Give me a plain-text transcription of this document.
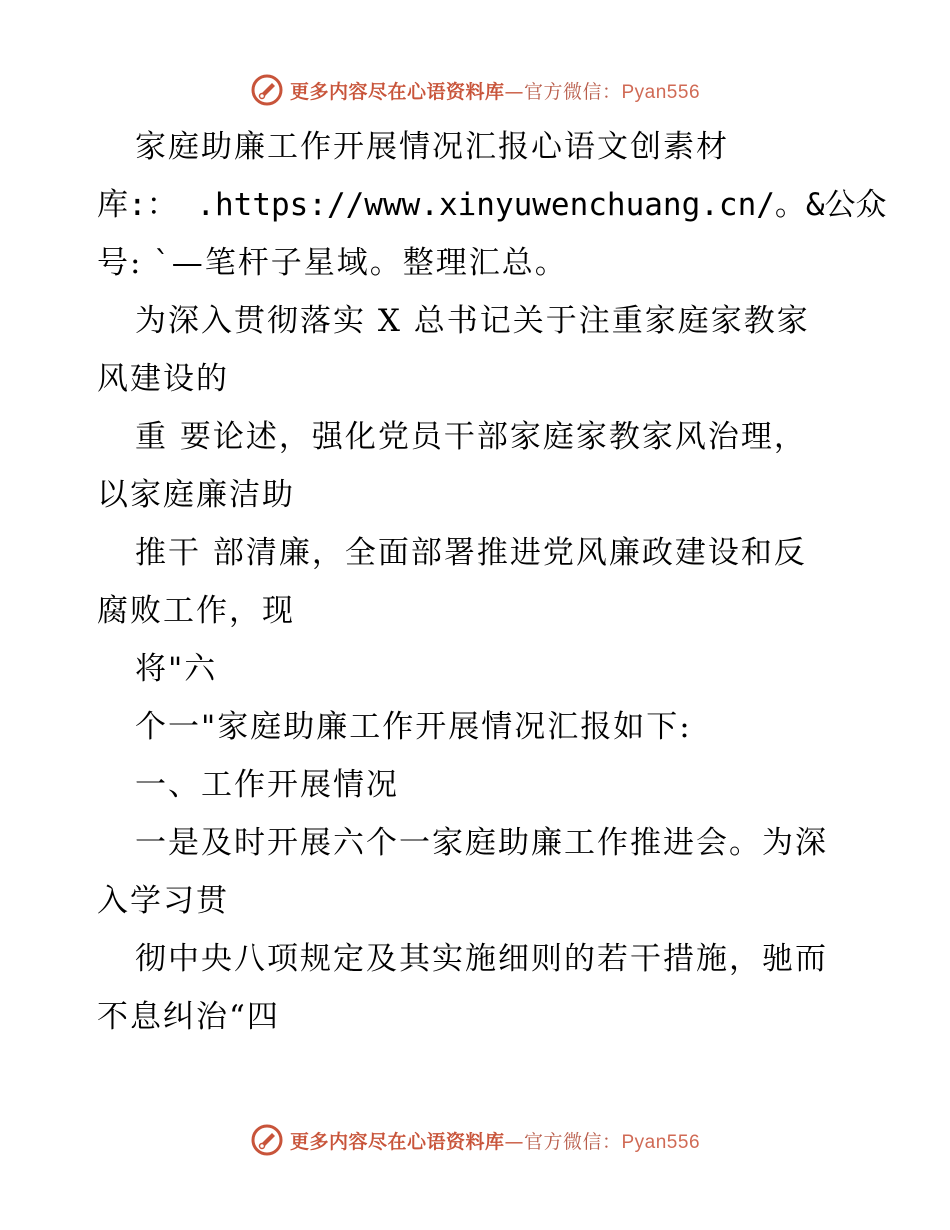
更多内容尽在心语资料库—官方微信：Pyan556
家庭助廉工作开展情况汇报心语文创素材
库:： .https://www.xinyuwenchuang.cn/。&公众
号: `—笔杆子星域。整理汇总。
为深入贯彻落实 X 总书记关于注重家庭家教家
风建设的
重 要论述，强化党员干部家庭家教家风治理，
以家庭廉洁助
推干 部清廉，全面部署推进党风廉政建设和反
腐败工作，现
将"六
个一"家庭助廉工作开展情况汇报如下:
一、工作开展情况
一是及时开展六个一家庭助廉工作推进会。为深
入学习贯
彻中央八项规定及其实施细则的若干措施，驰而
不息纠治“四
更多内容尽在心语资料库—官方微信：Pyan556
